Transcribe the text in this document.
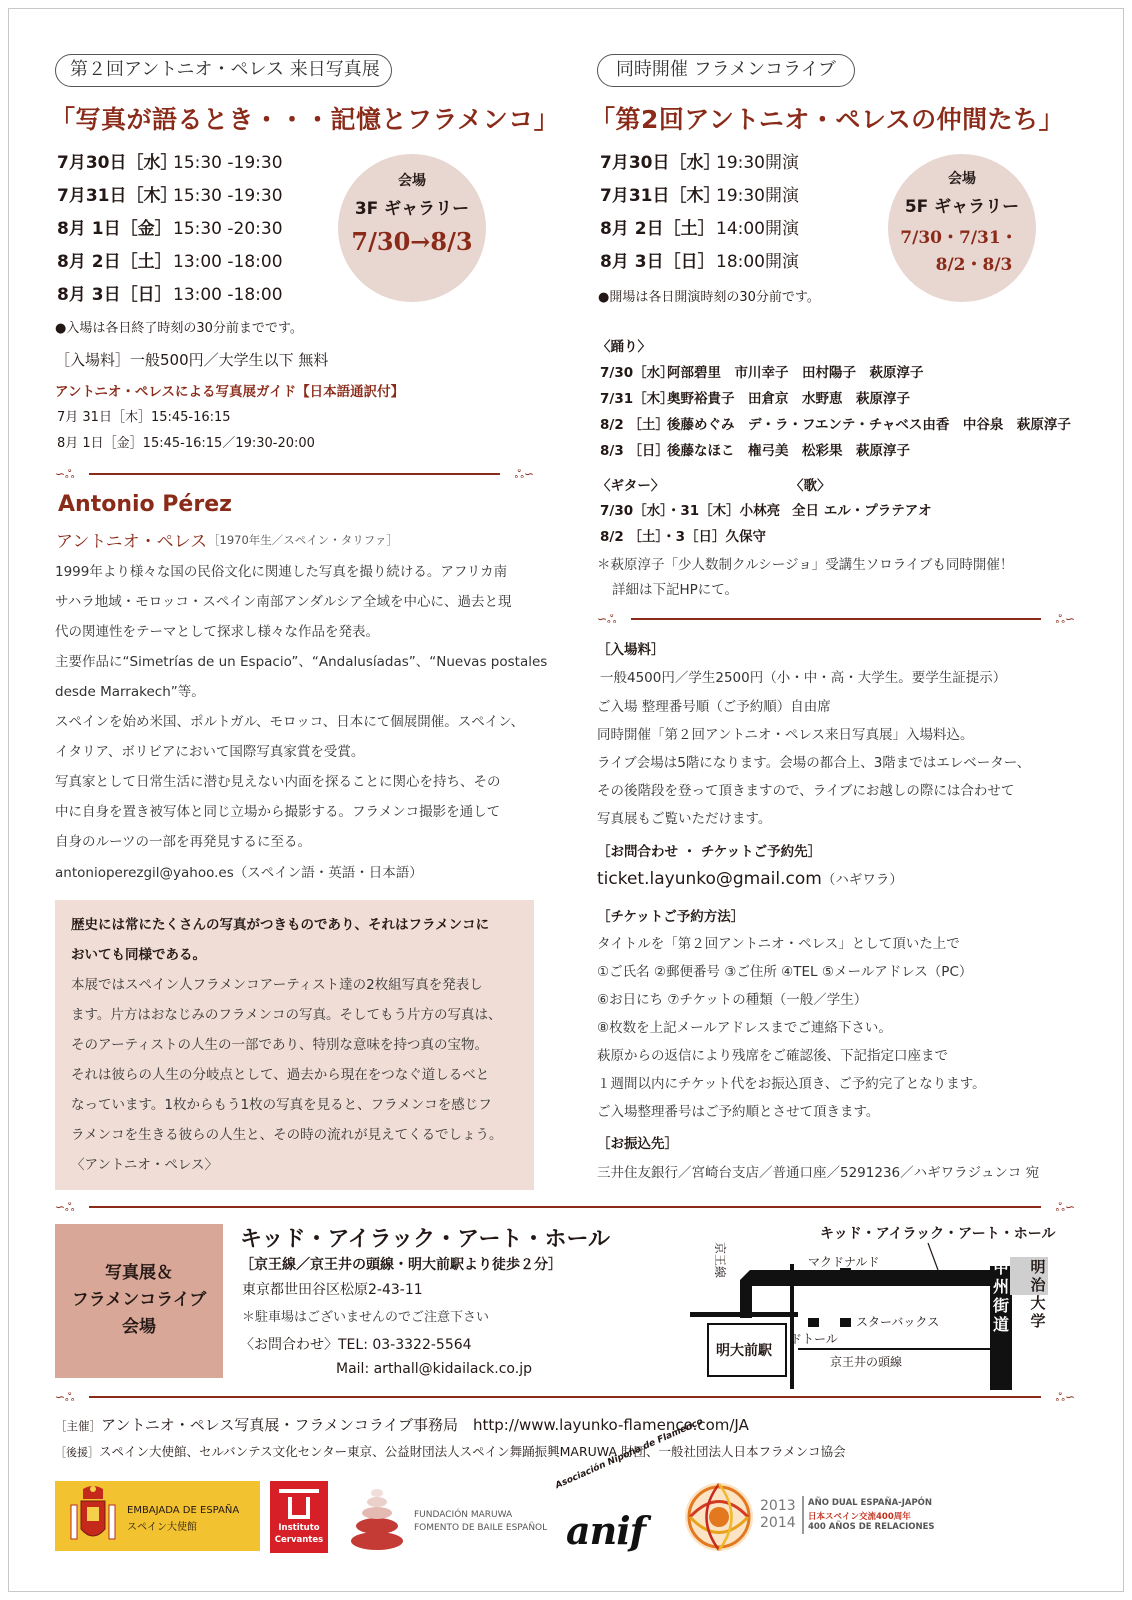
第２回アントニオ・ペレス 来日写真展
「写真が語るとき・・・記憶とフラメンコ」
7月30日［水］15:30 -19:30
7月31日［木］15:30 -19:30
8月 1日［金］15:30 -20:30
8月 2日［土］13:00 -18:00
8月 3日［日］13:00 -18:00
会場
3F ギャラリー
7/30→8/3
●入場は各日終了時刻の30分前までです。
［入場料］一般500円／大学生以下 無料
アントニオ・ペレスによる写真展ガイド【日本語通訳付】
7月 31日［木］15:45-16:15
8月 1日［金］15:45-16:15／19:30-20:00
∽ஃ	ஃ∽
Antonio Pérez
アントニオ・ペレス ［1970年生／スペイン・タリファ］
1999年より様々な国の民俗文化に関連した写真を撮り続ける。アフリカ南
サハラ地域・モロッコ・スペイン南部アンダルシア全域を中心に、過去と現
代の関連性をテーマとして探求し様々な作品を発表。
主要作品に“Simetrías de un Espacio”、“Andalusíadas”、“Nuevas postales
desde Marrakech”等。
スペインを始め米国、ポルトガル、モロッコ、日本にて個展開催。スペイン、
イタリア、ボリビアにおいて国際写真家賞を受賞。
写真家として日常生活に潜む見えない内面を探ることに関心を持ち、その
中に自身を置き被写体と同じ立場から撮影する。フラメンコ撮影を通して
自身のルーツの一部を再発見するに至る。
antonioperezgil@yahoo.es（スペイン語・英語・日本語）
歴史には常にたくさんの写真がつきものであり、それはフラメンコに
おいても同様である。
本展ではスペイン人フラメンコアーティスト達の2枚組写真を発表し
ます。片方はおなじみのフラメンコの写真。そしてもう片方の写真は、
そのアーティストの人生の一部であり、特別な意味を持つ真の宝物。
それは彼らの人生の分岐点として、過去から現在をつなぐ道しるべと
なっています。1枚からもう1枚の写真を見ると、フラメンコを感じフ
ラメンコを生きる彼らの人生と、その時の流れが見えてくるでしょう。
〈アントニオ・ペレス〉
同時開催 フラメンコライブ
「第2回アントニオ・ペレスの仲間たち」
7月30日［水］19:30開演
7月31日［木］19:30開演
8月 2日［土］14:00開演
8月 3日［日］18:00開演
会場
5F ギャラリー
7/30・7/31・
8/2・8/3
●開場は各日開演時刻の30分前です。
〈踊り〉
7/30［水］阿部碧里　市川幸子　田村陽子　萩原淳子
7/31［木］奥野裕貴子　田倉京　水野恵　萩原淳子
8/2 ［土］後藤めぐみ　デ・ラ・フエンテ・チャベス由香　中谷泉　萩原淳子
8/3 ［日］後藤なほこ　権弓美　松彩果　萩原淳子
〈ギター〉
7/30［水］・31［木］小林亮
8/2 ［土］・3［日］久保守
〈歌〉
全日 エル・プラテアオ
＊萩原淳子「少人数制クルシージョ」受講生ソロライブも同時開催！
詳細は下記HPにて。
∽ஃ	ஃ∽
［入場料］
一般4500円／学生2500円（小・中・高・大学生。要学生証提示）
ご入場 整理番号順（ご予約順）自由席
同時開催「第２回アントニオ・ペレス来日写真展」入場料込。
ライブ会場は5階になります。会場の都合上、3階まではエレベーター、
その後階段を登って頂きますので、ライブにお越しの際には合わせて
写真展もご覧いただけます。
［お問合わせ ・ チケットご予約先］
ticket.layunko@gmail.com（ハギワラ）
［チケットご予約方法］
タイトルを「第２回アントニオ・ペレス」として頂いた上で
①ご氏名 ②郵便番号 ③ご住所 ④TEL ⑤メールアドレス（PC）
⑥お日にち ⑦チケットの種類（一般／学生）
⑧枚数を上記メールアドレスまでご連絡下さい。
萩原からの返信により残席をご確認後、下記指定口座まで
１週間以内にチケット代をお振込頂き、ご予約完了となります。
ご入場整理番号はご予約順とさせて頂きます。
［お振込先］
三井住友銀行／宮崎台支店／普通口座／5291236／ハギワラジュンコ 宛
∽ஃ	ஃ∽
写真展＆
フラメンコライブ
会場
キッド・アイラック・アート・ホール
［京王線／京王井の頭線・明大前駅より徒歩２分］
東京都世田谷区松原2-43-11
＊駐車場はございませんのでご注意下さい
〈お問合わせ〉TEL: 03-3322-5564
Mail: arthall@kidailack.co.jp
キッド・アイラック・アート・ホール
明大前駅
京王線	マクドナルド
スターバックス
ドトール
京王井の頭線
甲州街道
明治大学
∽ஃ	ஃ∽
［主催］アントニオ・ペレス写真展・フラメンコライブ事務局　http://www.layunko-flamenco.com/JA
［後援］スペイン大使館、セルバンテス文化センター東京、公益財団法人スペイン舞踊振興MARUWA 財団、一般社団法人日本フラメンコ協会
EMBAJADA DE ESPAÑA
スペイン大使館	Instituto
Cervantes
FUNDACIÓN MARUWA
FOMENTO DE BAILE ESPAÑOL
Asociación Nipona de Flamenco
anif
2013
2014
AÑO DUAL ESPAÑA-JAPÓN
日本スペイン交流400周年
400 AÑOS DE RELACIONES
